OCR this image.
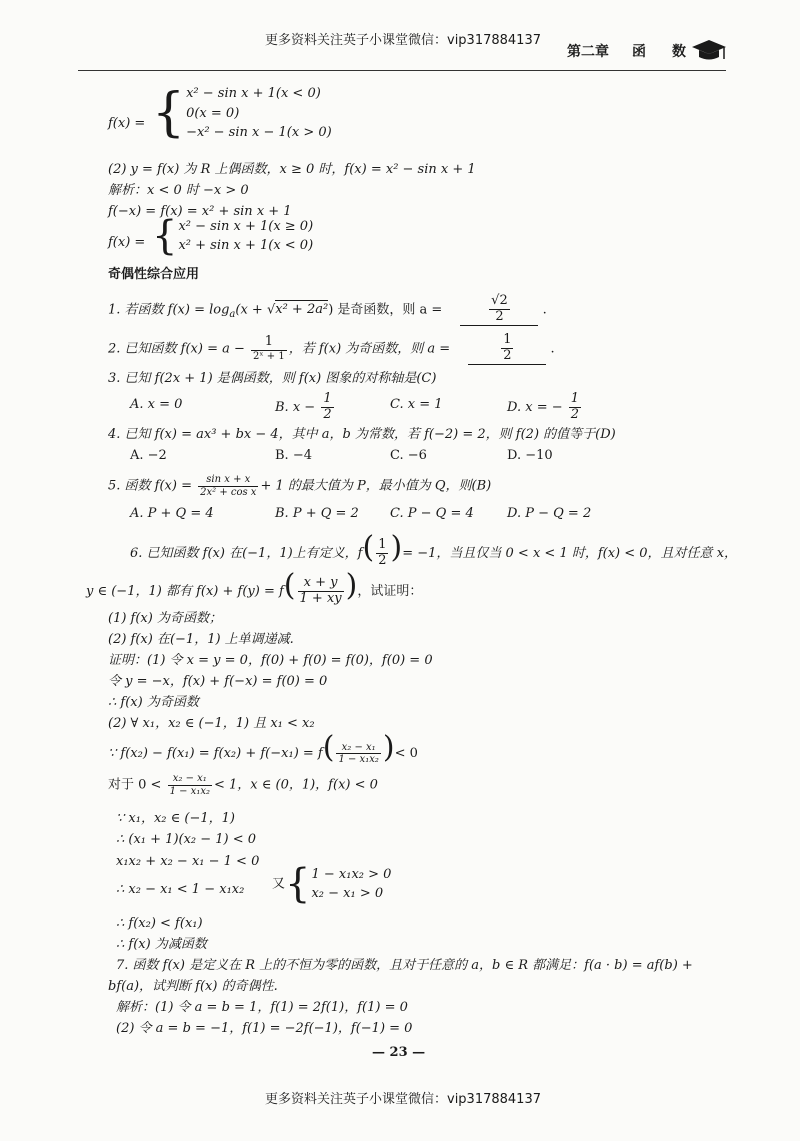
更多资料关注英子小课堂微信：vip317884137
第二章 函 数
f(x) = { x² − sin x + 1(x < 0)
0(x = 0)
−x² − sin x − 1(x > 0)
(2) y = f(x) 为 R 上偶函数，x ≥ 0 时，f(x) = x² − sin x + 1
解析：x < 0 时 −x > 0
f(−x) = f(x) = x² + sin x + 1
f(x) = { x² − sin x + 1(x ≥ 0)
x² + sin x + 1(x < 0)
奇偶性综合应用
1. 若函数 $f(x) = \log_a(x + √x^2 + 2a^2)$ 是奇函数，则 a =	$\frac{√2}{2}$ .
2. 已知函数 $f(x) = a - \frac{1}{\text{2ˣ + 1}}$ ，若 f(x) 为奇函数，则 a =	$\frac{1}{2}$	.
3. 已知 f(2x + 1) 是偶函数，则 f(x) 图象的对称轴是(C)
A. x = 0	B. $x - \frac{1}{2}$	C. x = 1	D. x = − $\frac{1}{2}$
4. 已知 f(x) = ax³ + bx − 4，其中 a，b 为常数，若 f(−2) = 2，则 f(2) 的值等于(D)
A. −2	B. −4	C. −6	D. −10
5. 函数 $f(x) = \frac{\text{sin x + x}}{\text{2x² + cos x}} + 1$ 的最大值为 P，最小值为 Q，则(B)
A. P + Q = 4	B. P + Q = 2 C. P − Q = 4	D. P − Q = 2
6. 已知函数 f(x) 在(−1，1)上有定义，$f( \frac{1}{2}$ )= −1，当且仅当 0 < x < 1 时，f(x) < 0，且对任意 x，
y ∈ (−1，1) 都有 $f(x) + f(y) = f( \frac{x + y}{1 + xy}$ )，试证明：
(1) f(x) 为奇函数；
(2) f(x) 在(−1，1) 上单调递减.
证明：(1) 令 x = y = 0，f(0) + f(0) = f(0)，f(0) = 0
令 y = −x，f(x) + f(−x) = f(0) = 0
∴ f(x) 为奇函数
(2) ∀ x₁，x₂ ∈ (−1，1) 且 x₁ < x₂
∵ $f(x_2) - f(x_1) = f(x_2) + f(-x_1) = f( \frac{\text{x₂ − x₁}}{\text{1 − x₁x₂}}$ )< 0
对于 $0 < \frac{\text{x₂ − x₁}}{\text{1 − x₁x₂}} < 1$，x ∈ (0，1)，f(x) < 0
∵ x₁，x₂ ∈ (−1，1)
∴ (x₁ + 1)(x₂ − 1) < 0
x₁x₂ + x₂ − x₁ − 1 < 0
∴ x₂ − x₁ < 1 − x₁x₂ 又{ 1 − x₁x₂ > 0
x₂ − x₁ > 0
∴ f(x₂) < f(x₁)
∴ f(x) 为减函数
7. 函数 f(x) 是定义在 R 上的不恒为零的函数，且对于任意的 a，b ∈ R 都满足：f(a · b) = af(b) +
bf(a)，试判断 f(x) 的奇偶性.
解析：(1) 令 a = b = 1，f(1) = 2f(1)，f(1) = 0
(2) 令 a = b = −1，f(1) = −2f(−1)，f(−1) = 0
— 23 —
更多资料关注英子小课堂微信：vip317884137
